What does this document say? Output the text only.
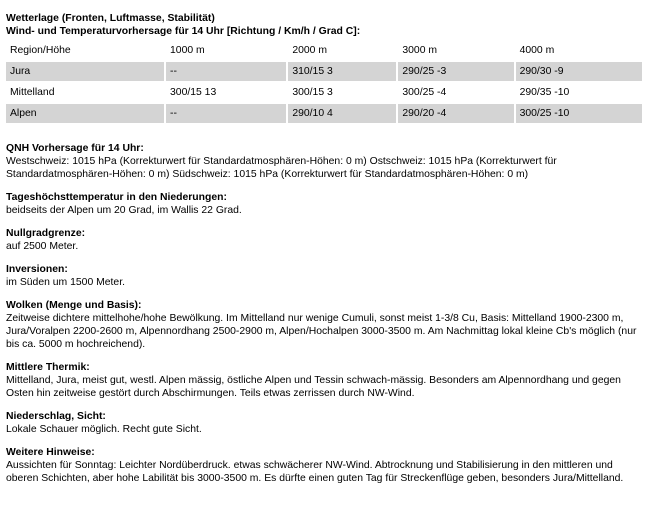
Wetterlage (Fronten, Luftmasse, Stabilität)
Wind- und Temperaturvorhersage für 14 Uhr [Richtung / Km/h / Grad C]:
Region/Höhe	1000 m	2000 m	3000 m	4000 m
Jura	--	310/15 3	290/25 -3	290/30 -9
Mittelland	300/15 13	300/15 3	300/25 -4	290/35 -10
Alpen	--	290/10 4	290/20 -4	300/25 -10
QNH Vorhersage für 14 Uhr:
Westschweiz: 1015 hPa (Korrekturwert für Standardatmosphären-Höhen: 0 m) Ostschweiz: 1015 hPa (Korrekturwert für Standardatmosphären-Höhen: 0 m) Südschweiz: 1015 hPa (Korrekturwert für Standardatmosphären-Höhen: 0 m)
Tageshöchsttemperatur in den Niederungen:
beidseits der Alpen um 20 Grad, im Wallis 22 Grad.
Nullgradgrenze:
auf 2500 Meter.
Inversionen:
im Süden um 1500 Meter.
Wolken (Menge und Basis):
Zeitweise dichtere mittelhohe/hohe Bewölkung. Im Mittelland nur wenige Cumuli, sonst meist 1-3/8 Cu, Basis: Mittelland 1900-2300 m, Jura/Voralpen 2200-2600 m, Alpennordhang 2500-2900 m, Alpen/Hochalpen 3000-3500 m. Am Nachmittag lokal kleine Cb's möglich (nur bis ca. 5000 m hochreichend).
Mittlere Thermik:
Mittelland, Jura, meist gut, westl. Alpen mässig, östliche Alpen und Tessin schwach-mässig. Besonders am Alpennordhang und gegen Osten hin zeitweise gestört durch Abschirmungen. Teils etwas zerrissen durch NW-Wind.
Niederschlag, Sicht:
Lokale Schauer möglich. Recht gute Sicht.
Weitere Hinweise:
Aussichten für Sonntag: Leichter Nordüberdruck. etwas schwächerer NW-Wind. Abtrocknung und Stabilisierung in den mittleren und oberen Schichten, aber hohe Labilität bis 3000-3500 m. Es dürfte einen guten Tag für Streckenflüge geben, besonders Jura/Mittelland.
